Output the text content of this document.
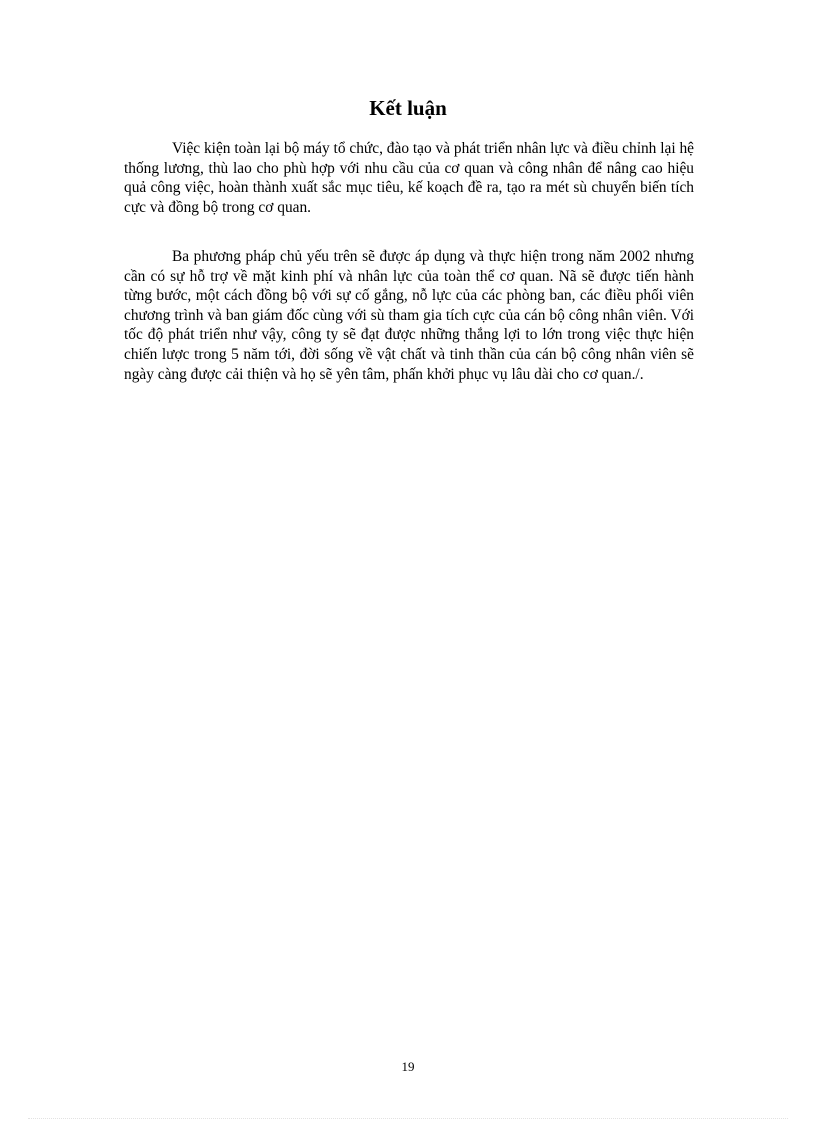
Kết luận

Việc kiện toàn lại bộ máy tổ chức, đào tạo và phát triển nhân lực và điều chỉnh lại hệ thống lương, thù lao cho phù hợp với nhu cầu của cơ quan và công nhân để nâng cao hiệu quả công việc, hoàn thành xuất sắc mục tiêu, kế koạch đề ra, tạo ra mét sù chuyển biến tích cực và đồng bộ trong cơ quan.

Ba phương pháp chủ yếu trên sẽ được áp dụng và thực hiện trong năm 2002 nhưng cần có sự hỗ trợ về mặt kinh phí và nhân lực của toàn thể cơ quan. Nã sẽ được tiến hành từng bước, một cách đồng bộ với sự cố gắng, nỗ lực của các phòng ban, các điều phối viên chương trình và ban giám đốc cùng với sù tham gia tích cực của cán bộ công nhân viên. Với tốc độ phát triển như vậy, công ty sẽ đạt được những thắng lợi to lớn trong việc thực hiện chiến lược trong 5 năm tới, đời sống về vật chất và tinh thần của cán bộ công nhân viên sẽ ngày càng được cải thiện và họ sẽ yên tâm, phấn khởi phục vụ lâu dài cho cơ quan./.

19
